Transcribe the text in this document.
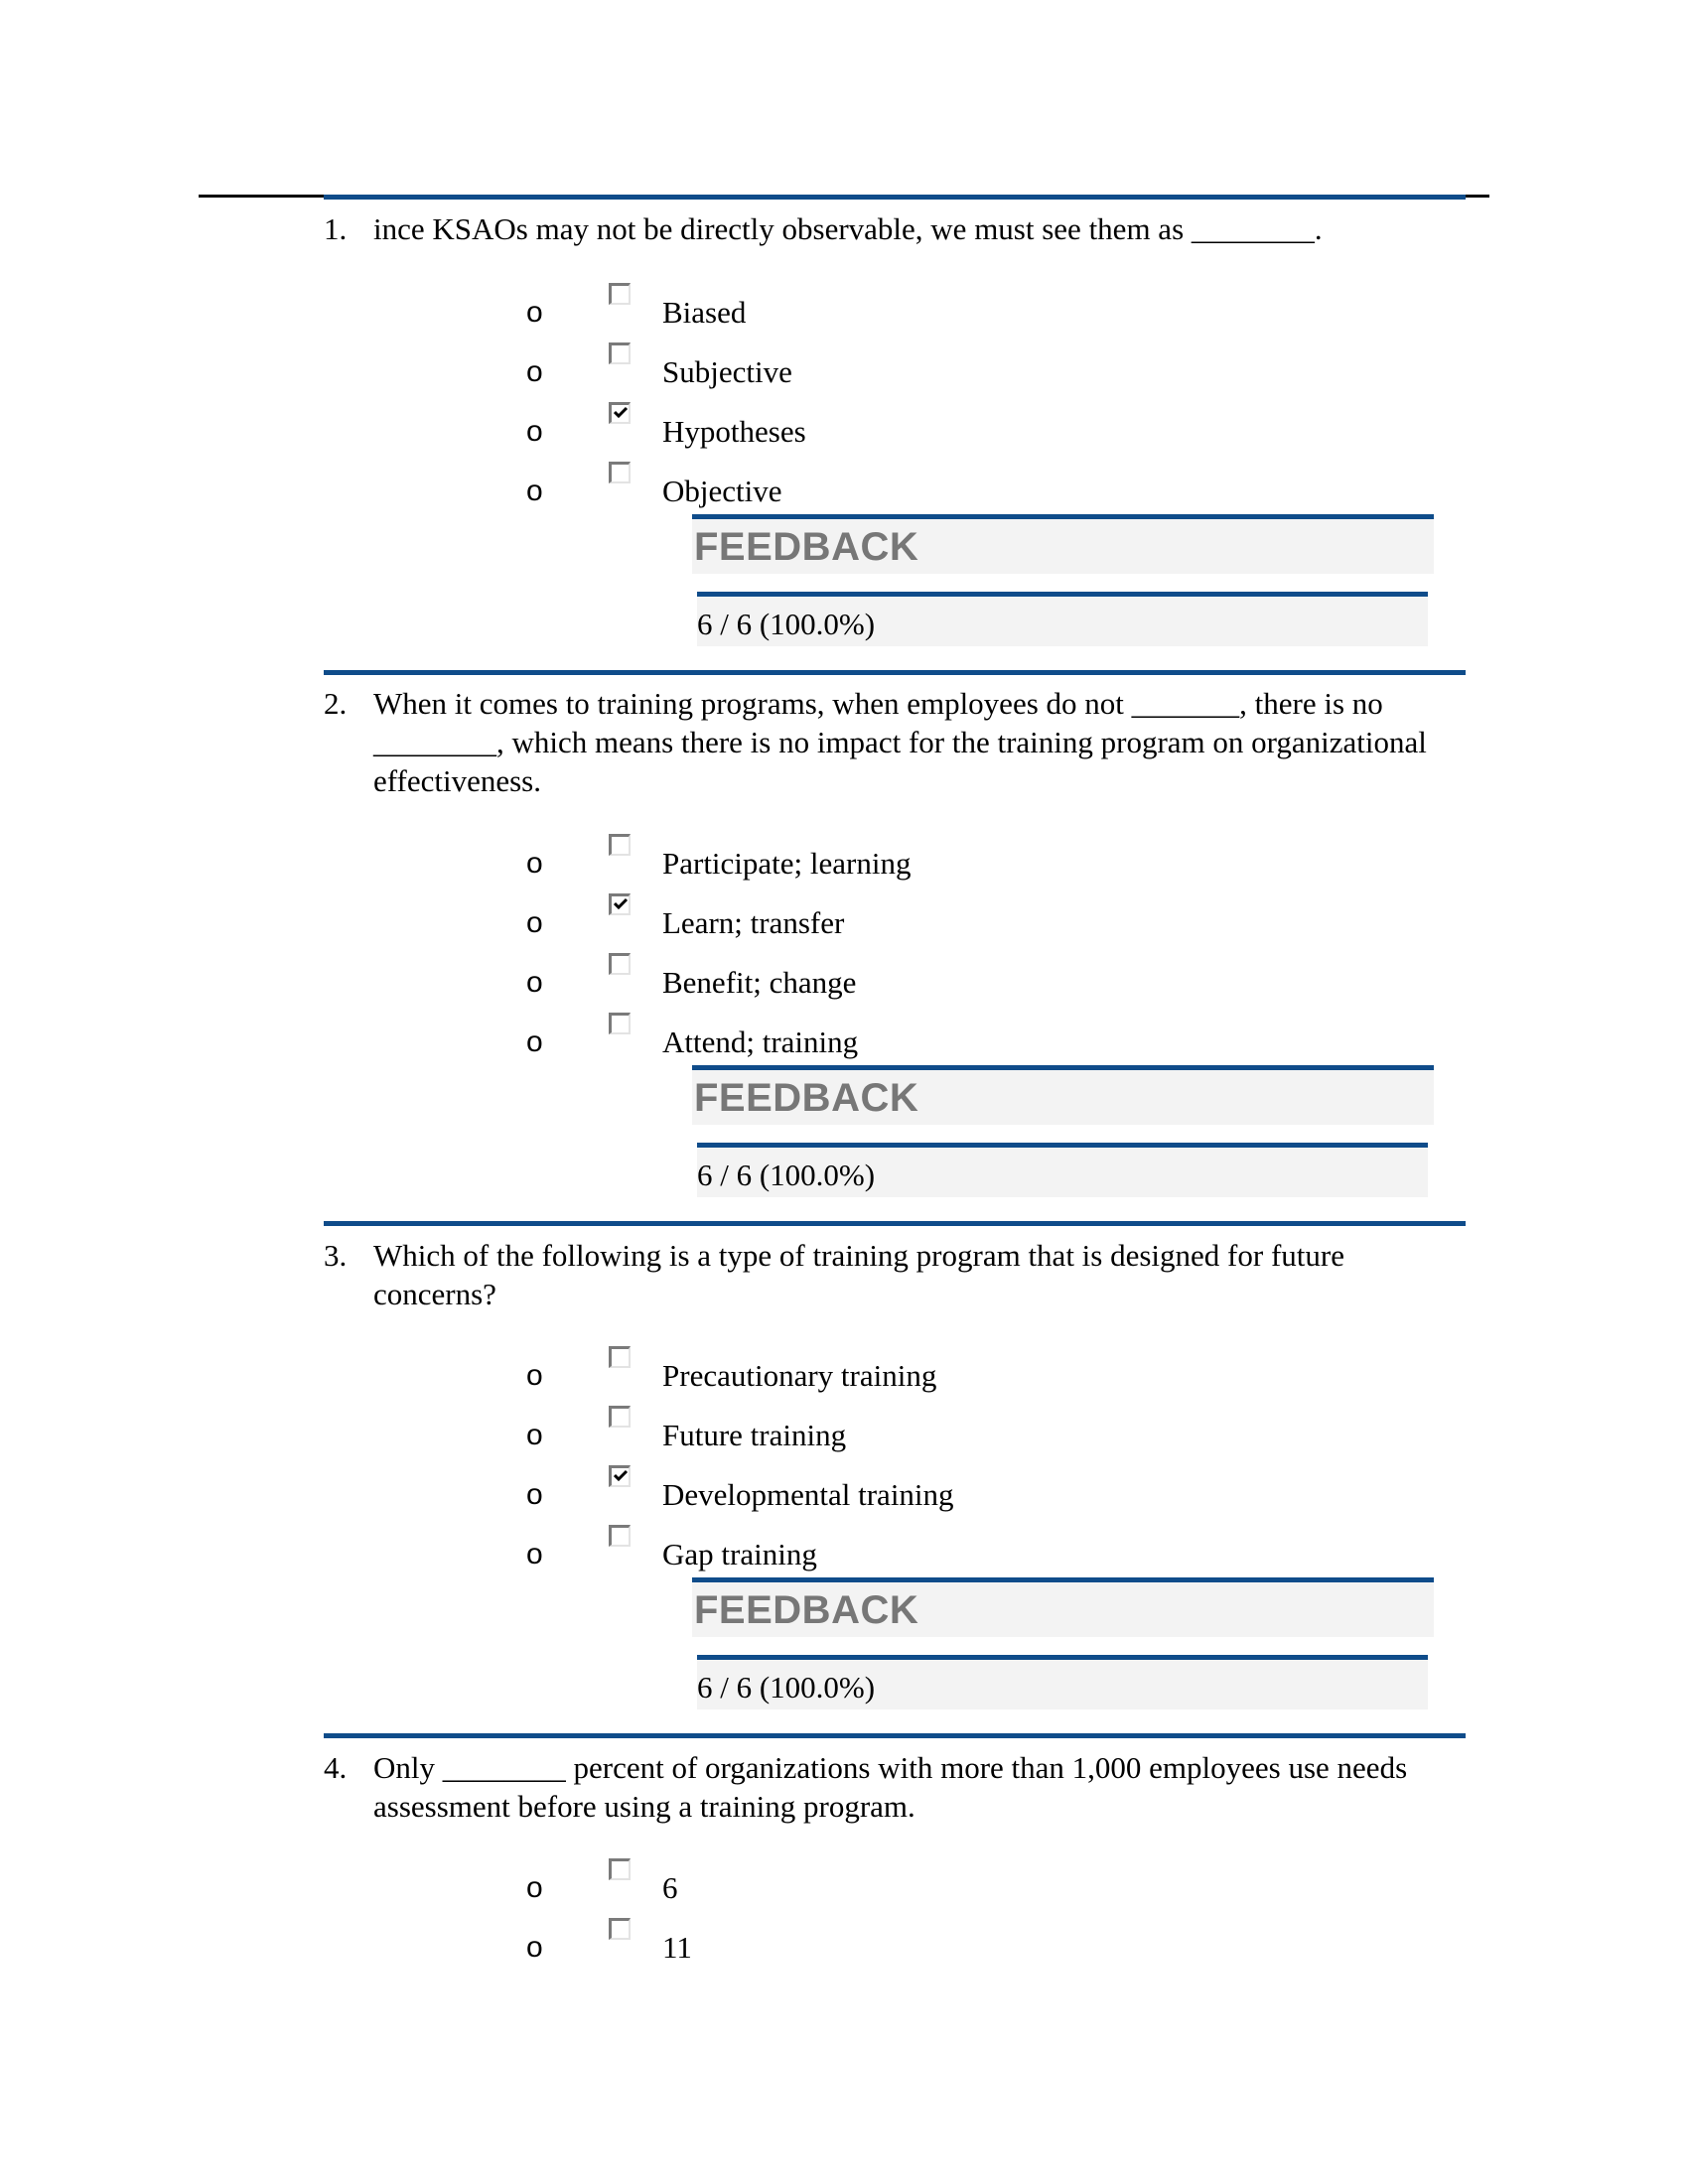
1. ince KSAOs may not be directly observable, we must see them as ________.
o	Biased
o	Subjective
o	Hypotheses
o	Objective
FEEDBACK
6 / 6 (100.0%)
2. When it comes to training programs, when employees do not _______, there is no ________, which means there is no impact for the training program on organizational effectiveness.
o	Participate; learning
o	Learn; transfer
o	Benefit; change
o	Attend; training
FEEDBACK
6 / 6 (100.0%)
3. Which of the following is a type of training program that is designed for future concerns?
o	Precautionary training
o	Future training
o	Developmental training
o	Gap training
FEEDBACK
6 / 6 (100.0%)
4. Only ________ percent of organizations with more than 1,000 employees use needs assessment before using a training program.
o	6
o	11
